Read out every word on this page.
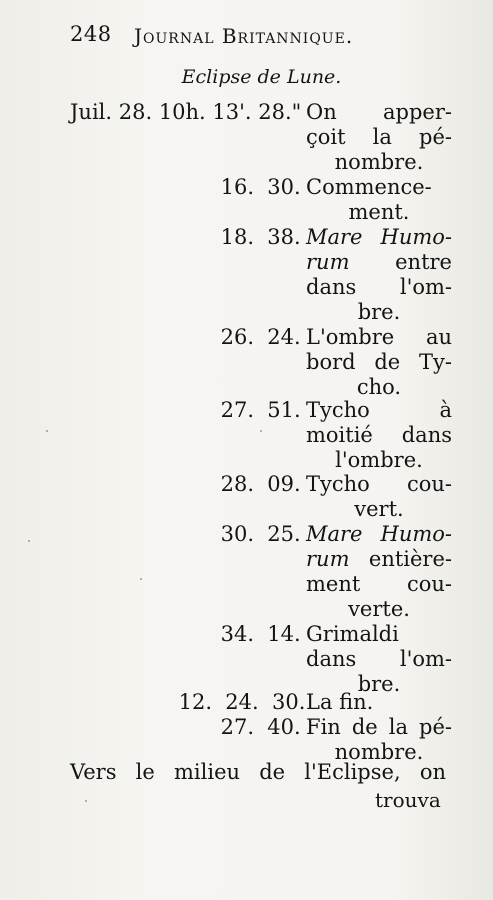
248 Journal Britannique.
Eclipse de Lune.
Juil. 28. 10h. 13'. 28." On apper-
çoit la pé-
nombre.
16. 30. Commence-
ment.
18. 38. Mare Humo-
rum entre
dans l'om-
bre.
26. 24. L'ombre au
bord de Ty-
cho.
27. 51. Tycho à
moitié dans
l'ombre.
28. 09. Tycho cou-
vert.
30. 25. Mare Humo-
rum entière-
ment cou-
verte.
34. 14. Grimaldi
dans l'om-
bre.
12. 24. 30. La fin.
27. 40. Fin de la pé-
nombre.
Vers le milieu de l'Eclipse, on
trouva
